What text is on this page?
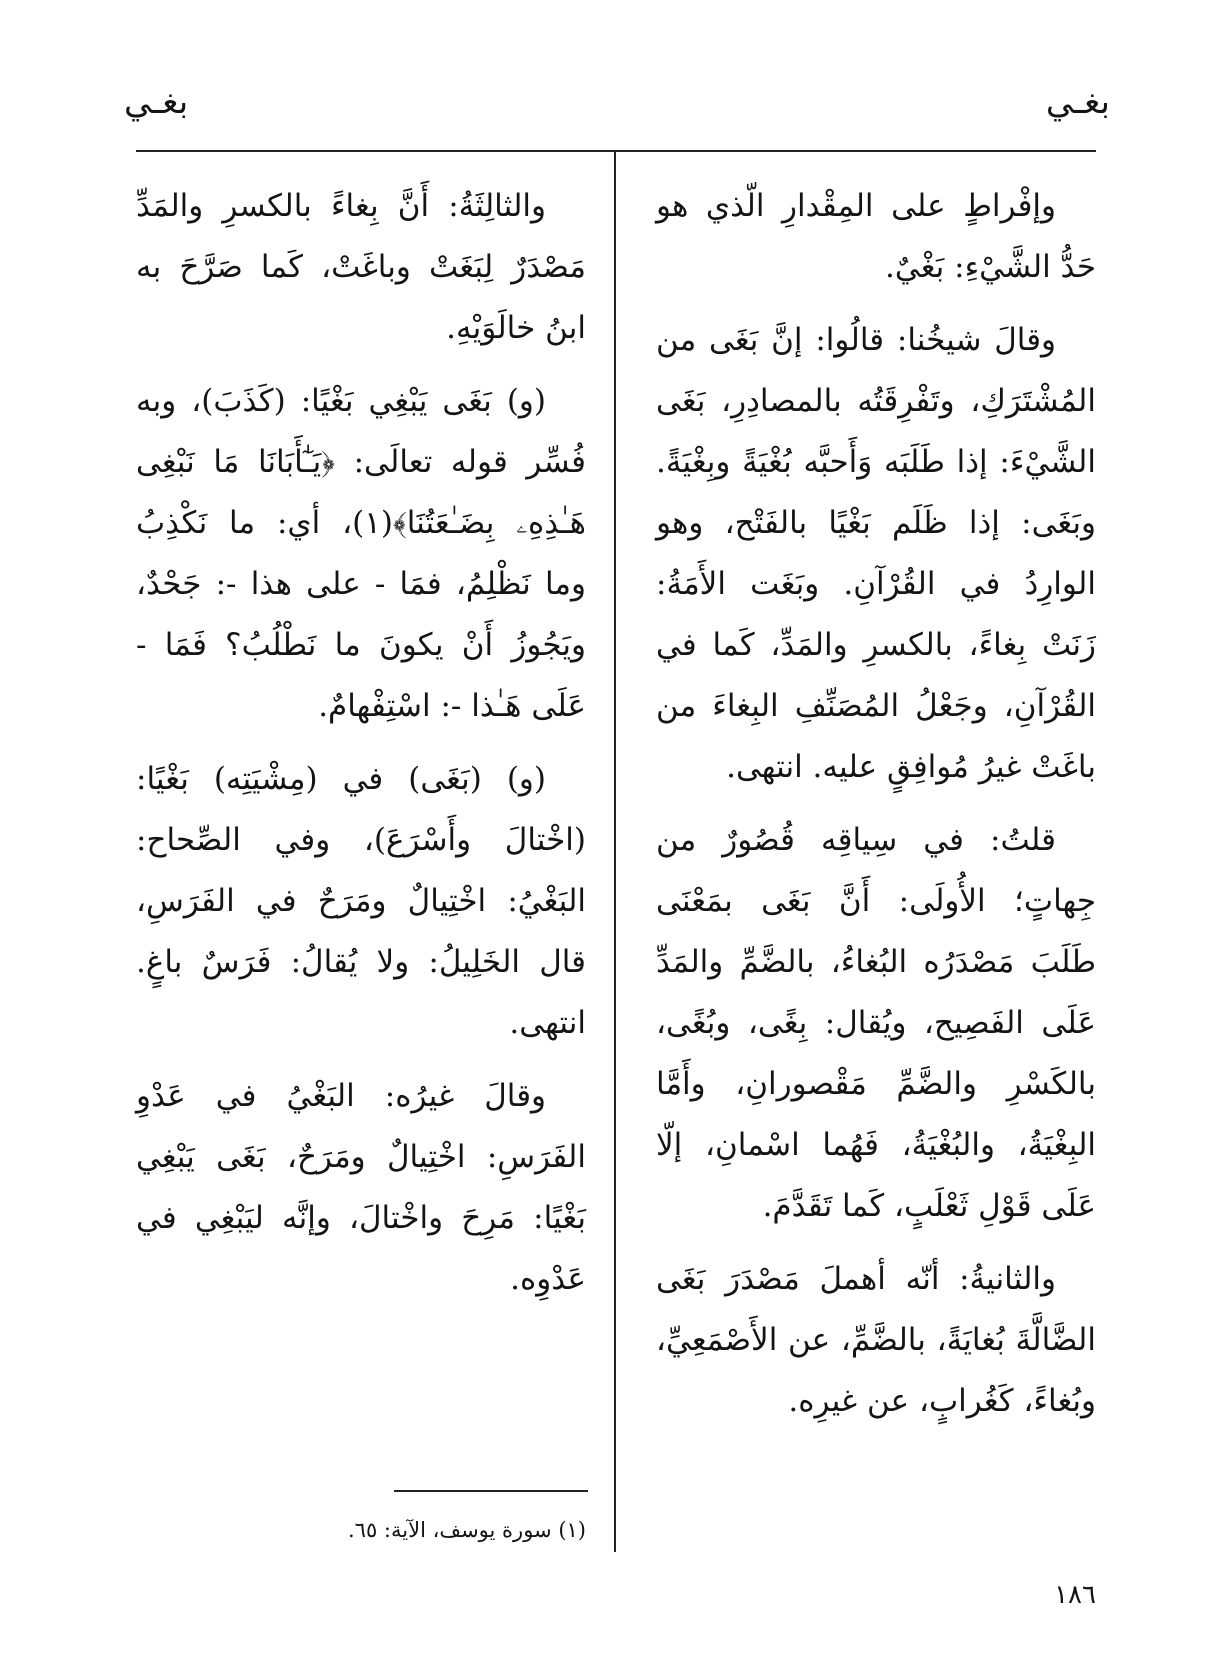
بغـي
بغـي

وإفْراطٍ على المِقْدارِ الّذي هو حَدُّ الشَّيْءِ: بَغْيٌ.

وقالَ شيخُنا: قالُوا: إنَّ بَغَى من المُشْتَرَكِ، وتَفْرِقَتُه بالمصادِرِ، بَغَى الشَّيْءَ: إذا طَلَبَه وَأَحبَّه بُغْيَةً وبِغْيَةً. وبَغَى: إذا ظَلَم بَغْيًا بالفَتْح، وهو الوارِدُ في القُرْآنِ. وبَغَت الأَمَةُ: زَنَتْ بِغاءً، بالكسرِ والمَدِّ، كَما في القُرْآنِ، وجَعْلُ المُصَنِّفِ البِغاءَ من باغَتْ غيرُ مُوافِقٍ عليه. انتهى.

قلتُ: في سِياقِه قُصُورٌ من جِهاتٍ؛ الأُولَى: أَنَّ بَغَى بمَعْنَى طَلَبَ مَصْدَرُه البُغاءُ، بالضَّمِّ والمَدِّ عَلَى الفَصِيح، ويُقال: بِغًى، وبُغًى، بالكَسْرِ والضَّمِّ مَقْصورانِ، وأَمَّا البِغْيَةُ، والبُغْيَةُ، فَهُما اسْمانِ، إلّا عَلَى قَوْلِ ثَعْلَبٍ، كَما تَقَدَّمَ.

والثانيةُ: أنّه أهملَ مَصْدَرَ بَغَى الضَّالَّةَ بُغايَةً، بالضَّمِّ، عن الأَصْمَعِيِّ، وبُغاءً، كَغُرابٍ، عن غيرِه.

والثالِثَةُ: أَنَّ بِغاءً بالكسرِ والمَدِّ مَصْدَرٌ لِبَغَتْ وباغَتْ، كَما صَرَّحَ به ابنُ خالَوَيْهِ.

(و) بَغَى يَبْغِي بَغْيًا: (كَذَبَ)، وبه فُسِّر قوله تعالَى: ﴿يَـٰٓأَبَانَا مَا نَبْغِى هَـٰذِهِۦ بِضَـٰعَتُنَا﴾(١)، أي: ما نَكْذِبُ وما نَظْلِمُ، فمَا - على هذا -: جَحْدٌ، ويَجُوزُ أَنْ يكونَ ما نَطْلُبُ؟ فَمَا - عَلَى هَـٰذا -: اسْتِفْهامٌ.

(و) (بَغَى) في (مِشْيَتِه) بَغْيًا: (اخْتالَ وأَسْرَعَ)، وفي الصِّحاح: البَغْيُ: اخْتِيالٌ ومَرَحٌ في الفَرَسِ، قال الخَلِيلُ: ولا يُقالُ: فَرَسٌ باغٍ. انتهى.

وقالَ غيرُه: البَغْيُ في عَدْوِ الفَرَسِ: اخْتِيالٌ ومَرَحٌ، بَغَى يَبْغِي بَغْيًا: مَرِحَ واخْتالَ، وإنَّه ليَبْغِي في عَدْوِه.

(١) سورة يوسف، الآية: ٦٥.
١٨٦
